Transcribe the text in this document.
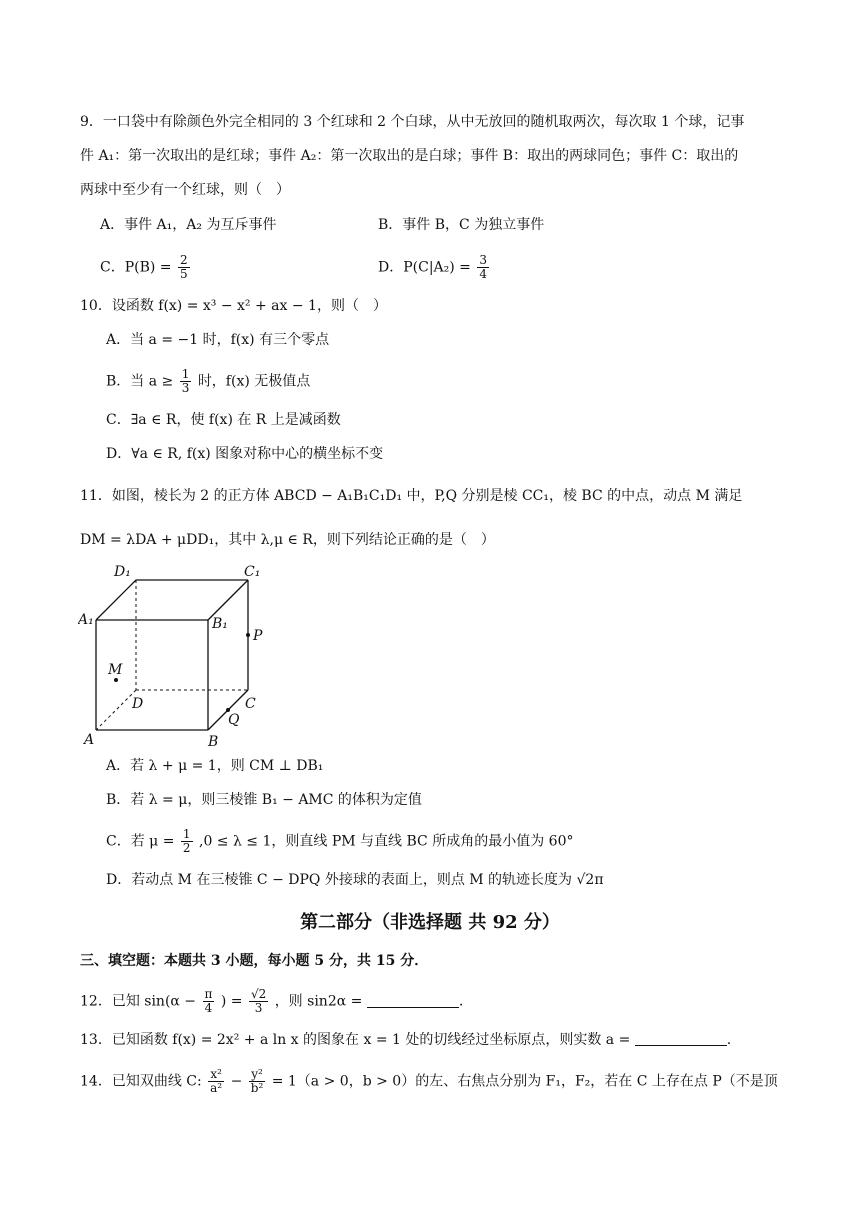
9．一口袋中有除颜色外完全相同的 3 个红球和 2 个白球，从中无放回的随机取两次，每次取 1 个球，记事
件 A₁：第一次取出的是红球；事件 A₂：第一次取出的是白球；事件 B：取出的两球同色；事件 C：取出的
两球中至少有一个红球，则（　）
A．事件 A₁，A₂ 为互斥事件	B．事件 B，C 为独立事件
C．$P(B) = \frac{2}{5}$	D．$P(C|A_2) = \frac{3}{4}$
10．设函数 f(x) = x³ − x² + ax − 1，则（　）
A．当 a = −1 时，f(x) 有三个零点
B．当 $a \ge \frac{1}{3}$ 时，f(x) 无极值点
C．∃a ∈ R，使 f(x) 在 R 上是减函数
D．∀a ∈ R, f(x) 图象对称中心的横坐标不变
11．如图，棱长为 2 的正方体 ABCD − A₁B₁C₁D₁ 中，P,Q 分别是棱 CC₁，棱 BC 的中点，动点 M 满足
DM = λDA + μDD₁，其中 λ,μ ∈ R，则下列结论正确的是（　）
D₁	C₁
A₁	B₁
P
M
D	C
Q
A	B
A．若 λ + μ = 1，则 CM ⊥ DB₁
B．若 λ = μ，则三棱锥 B₁ − AMC 的体积为定值
C．若 $\mu = \frac{1}{2} ,0 \le \lambda \le 1$，则直线 PM 与直线 BC 所成角的最小值为 60°
D．若动点 M 在三棱锥 C − DPQ 外接球的表面上，则点 M 的轨迹长度为 √2π
第二部分（非选择题 共 92 分）
三、填空题：本题共 3 小题，每小题 5 分，共 15 分．
12．已知 $\sin(\alpha - \frac{\pi}{4}$ ) = $\frac{√2}{3}$ ，则 sin2α =	.
13．已知函数 f(x) = 2x² + a ln x 的图象在 x = 1 处的切线经过坐标原点，则实数 a =	.
14．已知双曲线 C: $\frac{\text{x²}}{\text{a²}} - \frac{\text{y²}}{\text{b²}} = 1(a > 0$，b > 0）的左、右焦点分别为 F₁，F₂，若在 C 上存在点 P（不是顶
